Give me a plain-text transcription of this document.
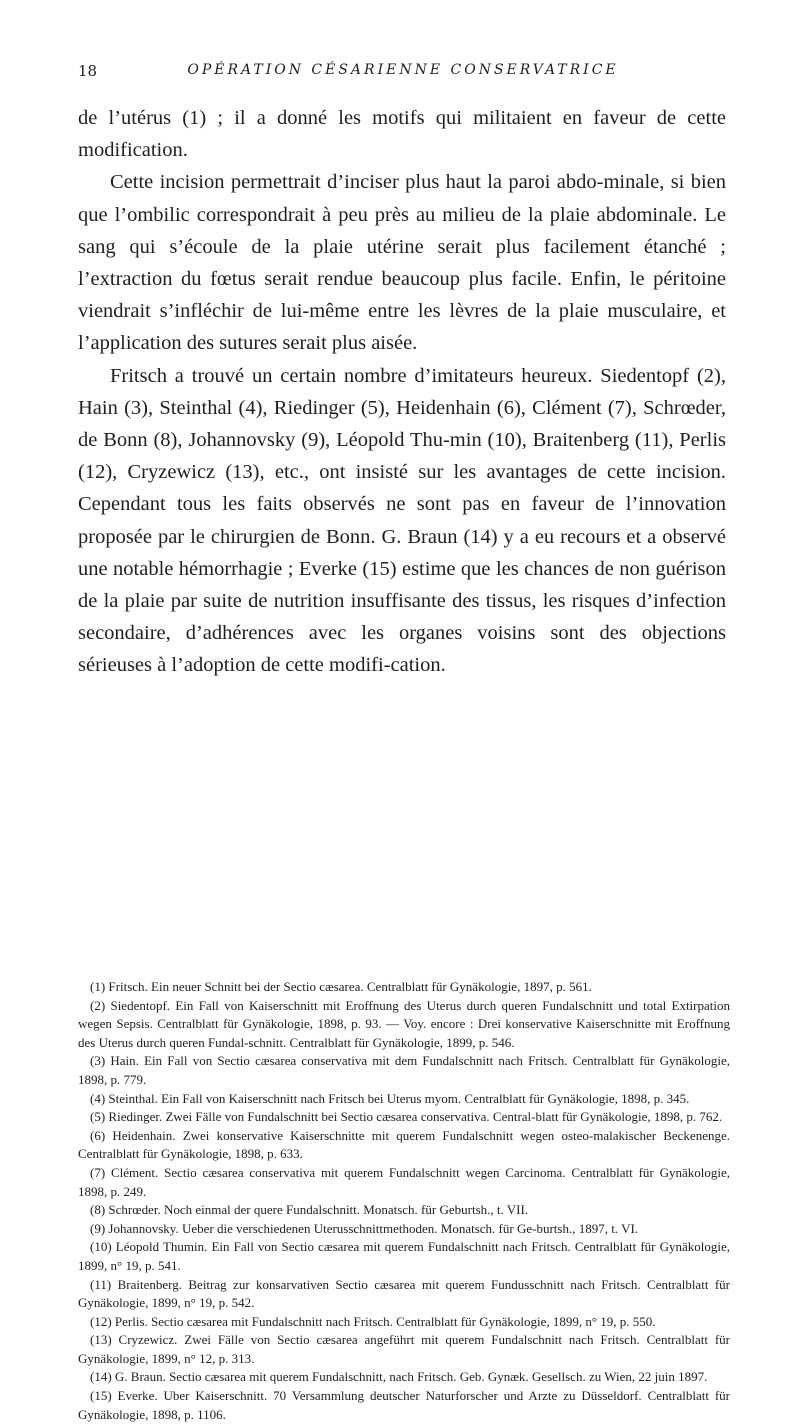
18	OPÉRATION CÉSARIENNE CONSERVATRICE

de l’utérus (1) ; il a donné les motifs qui militaient en faveur de cette modification.

Cette incision permettrait d’inciser plus haut la paroi abdo-minale, si bien que l’ombilic correspondrait à peu près au milieu de la plaie abdominale. Le sang qui s’écoule de la plaie utérine serait plus facilement étanché ; l’extraction du fœtus serait rendue beaucoup plus facile. Enfin, le péritoine viendrait s’infléchir de lui-même entre les lèvres de la plaie musculaire, et l’application des sutures serait plus aisée.

Fritsch a trouvé un certain nombre d’imitateurs heureux. Siedentopf (2), Hain (3), Steinthal (4), Riedinger (5), Heidenhain (6), Clément (7), Schrœder, de Bonn (8), Johannovsky (9), Léopold Thu-min (10), Braitenberg (11), Perlis (12), Cryzewicz (13), etc., ont insisté sur les avantages de cette incision. Cependant tous les faits observés ne sont pas en faveur de l’innovation proposée par le chirurgien de Bonn. G. Braun (14) y a eu recours et a observé une notable hémorrhagie ; Everke (15) estime que les chances de non guérison de la plaie par suite de nutrition insuffisante des tissus, les risques d’infection secondaire, d’adhérences avec les organes voisins sont des objections sérieuses à l’adoption de cette modifi-cation.

(1) Fritsch. Ein neuer Schnitt bei der Sectio cæsarea. Centralblatt für Gynäkologie, 1897, p. 561.

(2) Siedentopf. Ein Fall von Kaiserschnitt mit Eroffnung des Uterus durch queren Fundalschnitt und total Extirpation wegen Sepsis. Centralblatt für Gynäkologie, 1898, p. 93. — Voy. encore : Drei konservative Kaiserschnitte mit Eroffnung des Uterus durch queren Fundal-schnitt. Centralblatt für Gynäkologie, 1899, p. 546.

(3) Hain. Ein Fall von Sectio cæsarea conservativa mit dem Fundalschnitt nach Fritsch. Centralblatt für Gynäkologie, 1898, p. 779.

(4) Steinthal. Ein Fall von Kaiserschnitt nach Fritsch bei Uterus myom. Centralblatt für Gynäkologie, 1898, p. 345.

(5) Riedinger. Zwei Fälle von Fundalschnitt bei Sectio cæsarea conservativa. Central-blatt für Gynäkologie, 1898, p. 762.

(6) Heidenhain. Zwei konservative Kaiserschnitte mit querem Fundalschnitt wegen osteo-malakischer Beckenenge. Centralblatt für Gynäkologie, 1898, p. 633.

(7) Clément. Sectio cæsarea conservativa mit querem Fundalschnitt wegen Carcinoma. Centralblatt für Gynäkologie, 1898, p. 249.

(8) Schrœder. Noch einmal der quere Fundalschnitt. Monatsch. für Geburtsh., t. VII.

(9) Johannovsky. Ueber die verschiedenen Uterusschnittmethoden. Monatsch. für Ge-burtsh., 1897, t. VI.

(10) Léopold Thumin. Ein Fall von Sectio cæsarea mit querem Fundalschnitt nach Fritsch. Centralblatt für Gynäkologie, 1899, n° 19, p. 541.

(11) Braitenberg. Beitrag zur konsarvativen Sectio cæsarea mit querem Fundusschnitt nach Fritsch. Centralblatt für Gynäkologie, 1899, n° 19, p. 542.

(12) Perlis. Sectio cæsarea mit Fundalschnitt nach Fritsch. Centralblatt für Gynäkologie, 1899, n° 19, p. 550.

(13) Cryzewicz. Zwei Fälle von Sectio cæsarea angeführt mit querem Fundalschnitt nach Fritsch. Centralblatt für Gynäkologie, 1899, n° 12, p. 313.

(14) G. Braun. Sectio cæsarea mit querem Fundalschnitt, nach Fritsch. Geb. Gynæk. Gesellsch. zu Wien, 22 juin 1897.

(15) Everke. Uber Kaiserschnitt. 70 Versammlung deutscher Naturforscher und Arzte zu Düsseldorf. Centralblatt für Gynäkologie, 1898, p. 1106.
